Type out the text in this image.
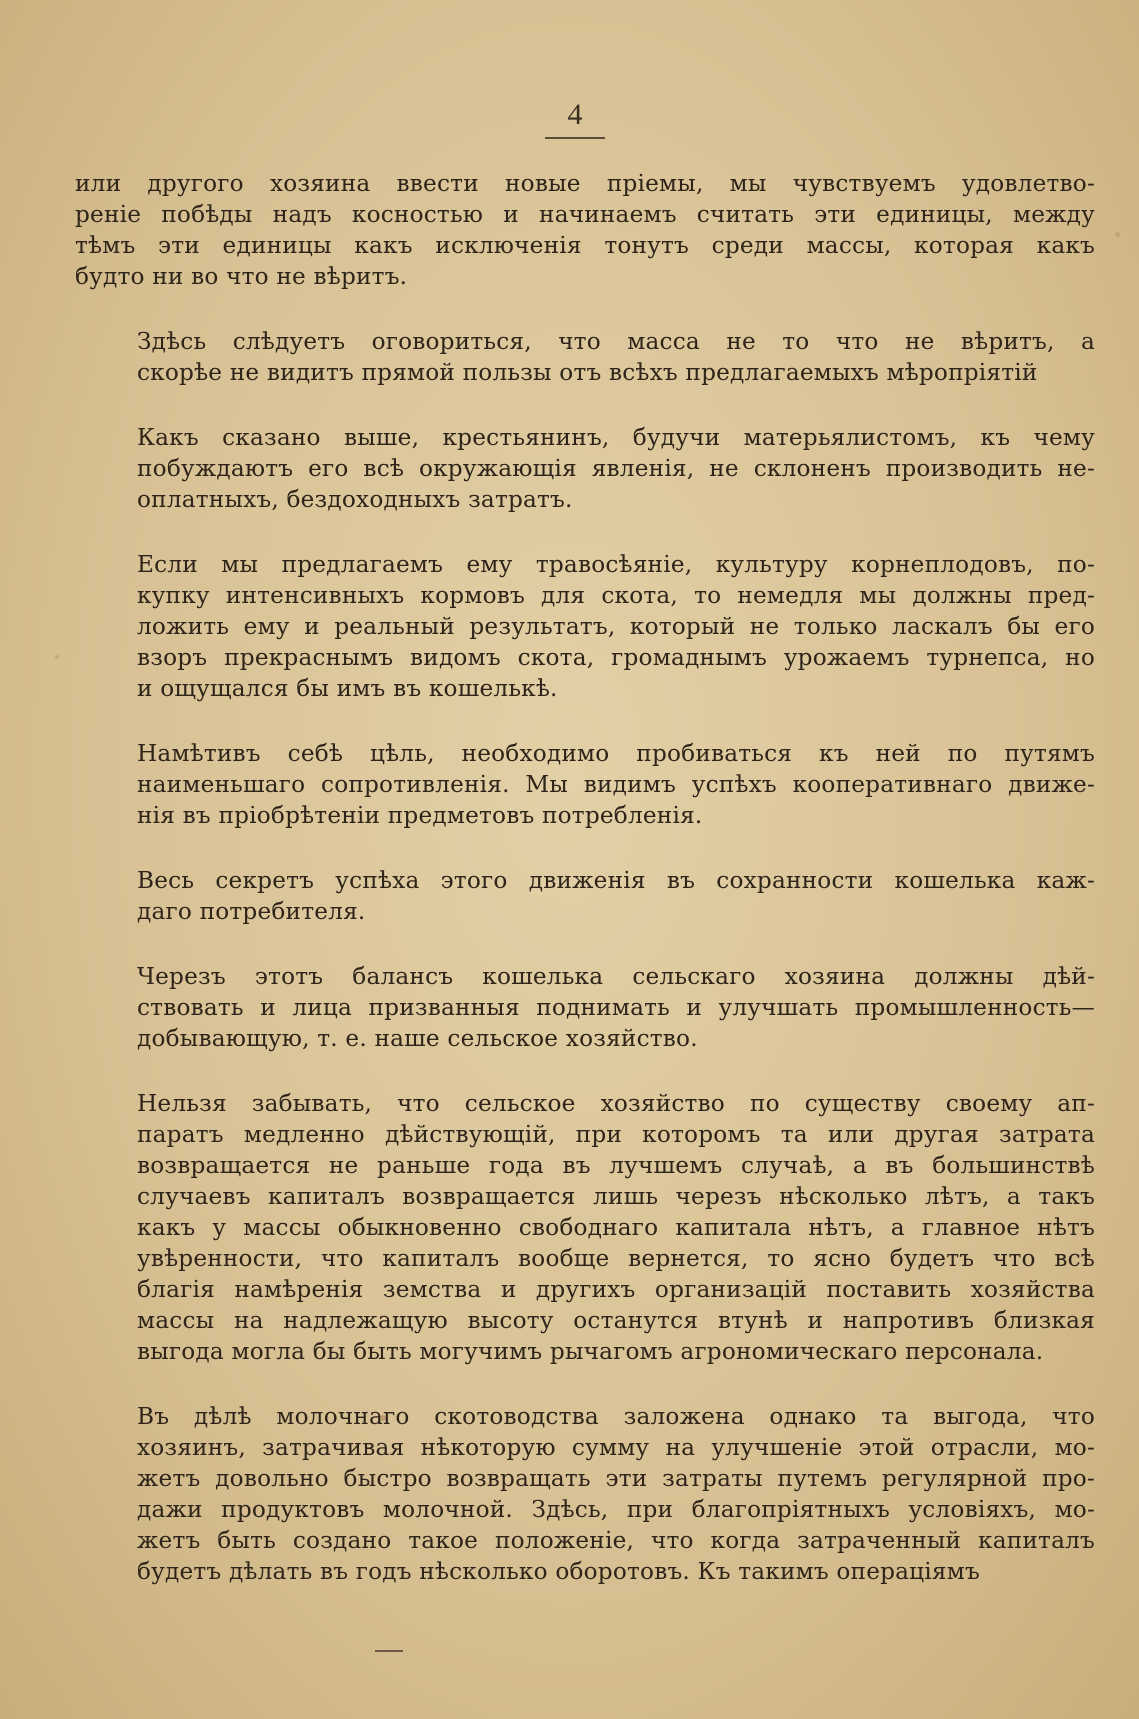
4
или другого хозяина ввести новые пріемы, мы чувствуемъ удовлетво-
реніе побѣды надъ косностью и начинаемъ считать эти единицы, между
тѣмъ эти единицы какъ исключенія тонутъ среди массы, которая какъ
будто ни во что не вѣритъ.
Здѣсь слѣдуетъ оговориться, что масса не то что не вѣритъ, а
скорѣе не видитъ прямой пользы отъ всѣхъ предлагаемыхъ мѣропріятій
Какъ сказано выше, крестьянинъ, будучи матерьялистомъ, къ чему
побуждаютъ его всѣ окружающія явленія, не склоненъ производить не-
оплатныхъ, бездоходныхъ затратъ.
Если мы предлагаемъ ему травосѣяніе, культуру корнеплодовъ, по-
купку интенсивныхъ кормовъ для скота, то немедля мы должны пред-
ложить ему и реальный результатъ, который не только ласкалъ бы его
взоръ прекраснымъ видомъ скота, громаднымъ урожаемъ турнепса, но
и ощущался бы имъ въ кошелькѣ.
Намѣтивъ себѣ цѣль, необходимо пробиваться къ ней по путямъ
наименьшаго сопротивленія. Мы видимъ успѣхъ кооперативнаго движе-
нія въ пріобрѣтеніи предметовъ потребленія.
Весь секретъ успѣха этого движенія въ сохранности кошелька каж-
даго потребителя.
Черезъ этотъ балансъ кошелька сельскаго хозяина должны дѣй-
ствовать и лица призванныя поднимать и улучшать промышленность—
добывающую, т. е. наше сельское хозяйство.
Нельзя забывать, что сельское хозяйство по существу своему ап-
паратъ медленно дѣйствующій, при которомъ та или другая затрата
возвращается не раньше года въ лучшемъ случаѣ, а въ большинствѣ
случаевъ капиталъ возвращается лишь черезъ нѣсколько лѣтъ, а такъ
какъ у массы обыкновенно свободнаго капитала нѣтъ, а главное нѣтъ
увѣренности, что капиталъ вообще вернется, то ясно будетъ что всѣ
благія намѣренія земства и другихъ организацій поставить хозяйства
массы на надлежащую высоту останутся втунѣ и напротивъ близкая
выгода могла бы быть могучимъ рычагомъ агрономическаго персонала.
Въ дѣлѣ молочнаго скотоводства заложена однако та выгода, что
хозяинъ, затрачивая нѣкоторую сумму на улучшеніе этой отрасли, мо-
жетъ довольно быстро возвращать эти затраты путемъ регулярной про-
дажи продуктовъ молочной. Здѣсь, при благопріятныхъ условіяхъ, мо-
жетъ быть создано такое положеніе, что когда затраченный капиталъ
будетъ дѣлать въ годъ нѣсколько оборотовъ. Къ такимъ операціямъ
